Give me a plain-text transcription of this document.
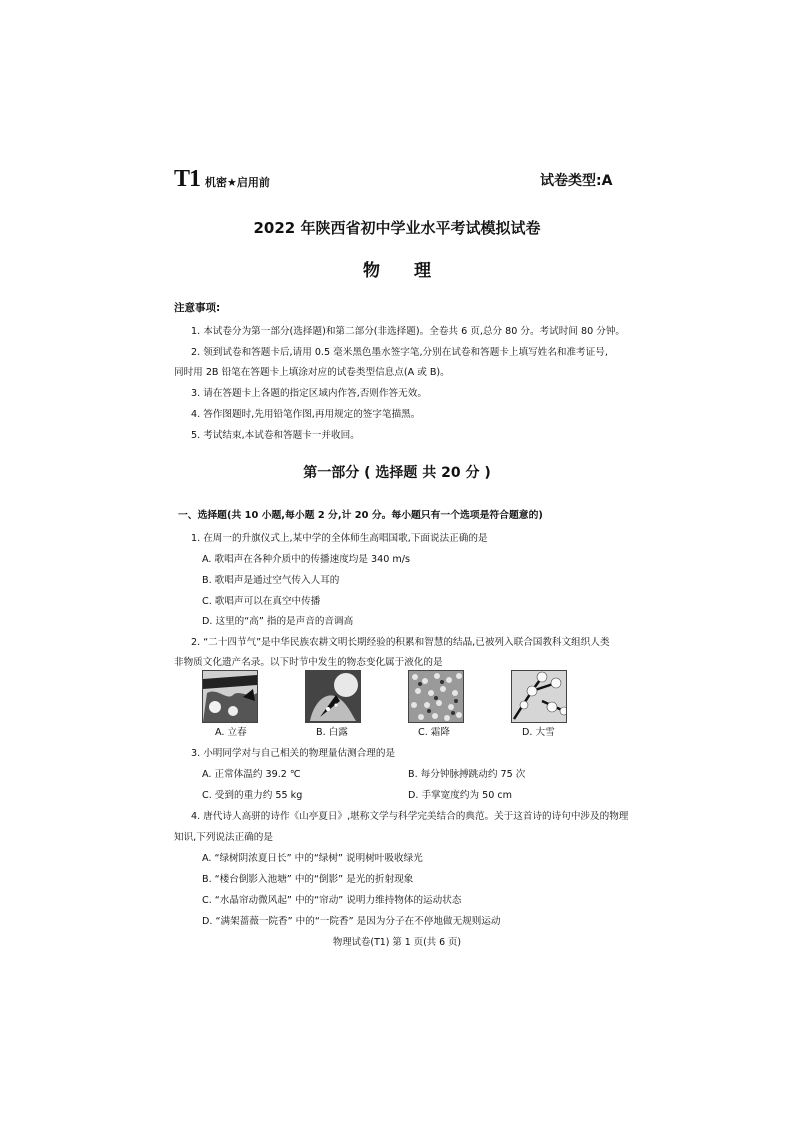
T1 机密★启用前	试卷类型:A
2022 年陕西省初中学业水平考试模拟试卷
物理
注意事项:
1. 本试卷分为第一部分(选择题)和第二部分(非选择题)。全卷共 6 页,总分 80 分。考试时间 80 分钟。
2. 领到试卷和答题卡后,请用 0.5 毫米黑色墨水签字笔,分别在试卷和答题卡上填写姓名和准考证号,
同时用 2B 铅笔在答题卡上填涂对应的试卷类型信息点(A 或 B)。
3. 请在答题卡上各题的指定区域内作答,否则作答无效。
4. 答作图题时,先用铅笔作图,再用规定的签字笔描黑。
5. 考试结束,本试卷和答题卡一并收回。
第一部分 ( 选择题 共 20 分 )
一、选择题(共 10 小题,每小题 2 分,计 20 分。每小题只有一个选项是符合题意的)
1. 在周一的升旗仪式上,某中学的全体师生高唱国歌,下面说法正确的是
A. 歌唱声在各种介质中的传播速度均是 340 m/s
B. 歌唱声是通过空气传入人耳的
C. 歌唱声可以在真空中传播
D. 这里的“高” 指的是声音的音调高
2. “二十四节气”是中华民族农耕文明长期经验的积累和智慧的结晶,已被列入联合国教科文组织人类
非物质文化遗产名录。以下时节中发生的物态变化属于液化的是
A. 立春	B. 白露	C. 霜降	D. 大雪
3. 小明同学对与自己相关的物理量估测合理的是
A. 正常体温约 39.2 ℃	B. 每分钟脉搏跳动约 75 次
C. 受到的重力约 55 kg	D. 手掌宽度约为 50 cm
4. 唐代诗人高骈的诗作《山亭夏日》,堪称文学与科学完美结合的典范。关于这首诗的诗句中涉及的物理
知识,下列说法正确的是
A. “绿树阴浓夏日长” 中的“绿树” 说明树叶吸收绿光
B. “楼台倒影入池塘” 中的“倒影” 是光的折射现象
C. “水晶帘动微风起” 中的“帘动” 说明力维持物体的运动状态
D. “满架蔷薇一院香” 中的“一院香” 是因为分子在不停地做无规则运动
物理试卷(T1) 第 1 页(共 6 页)
